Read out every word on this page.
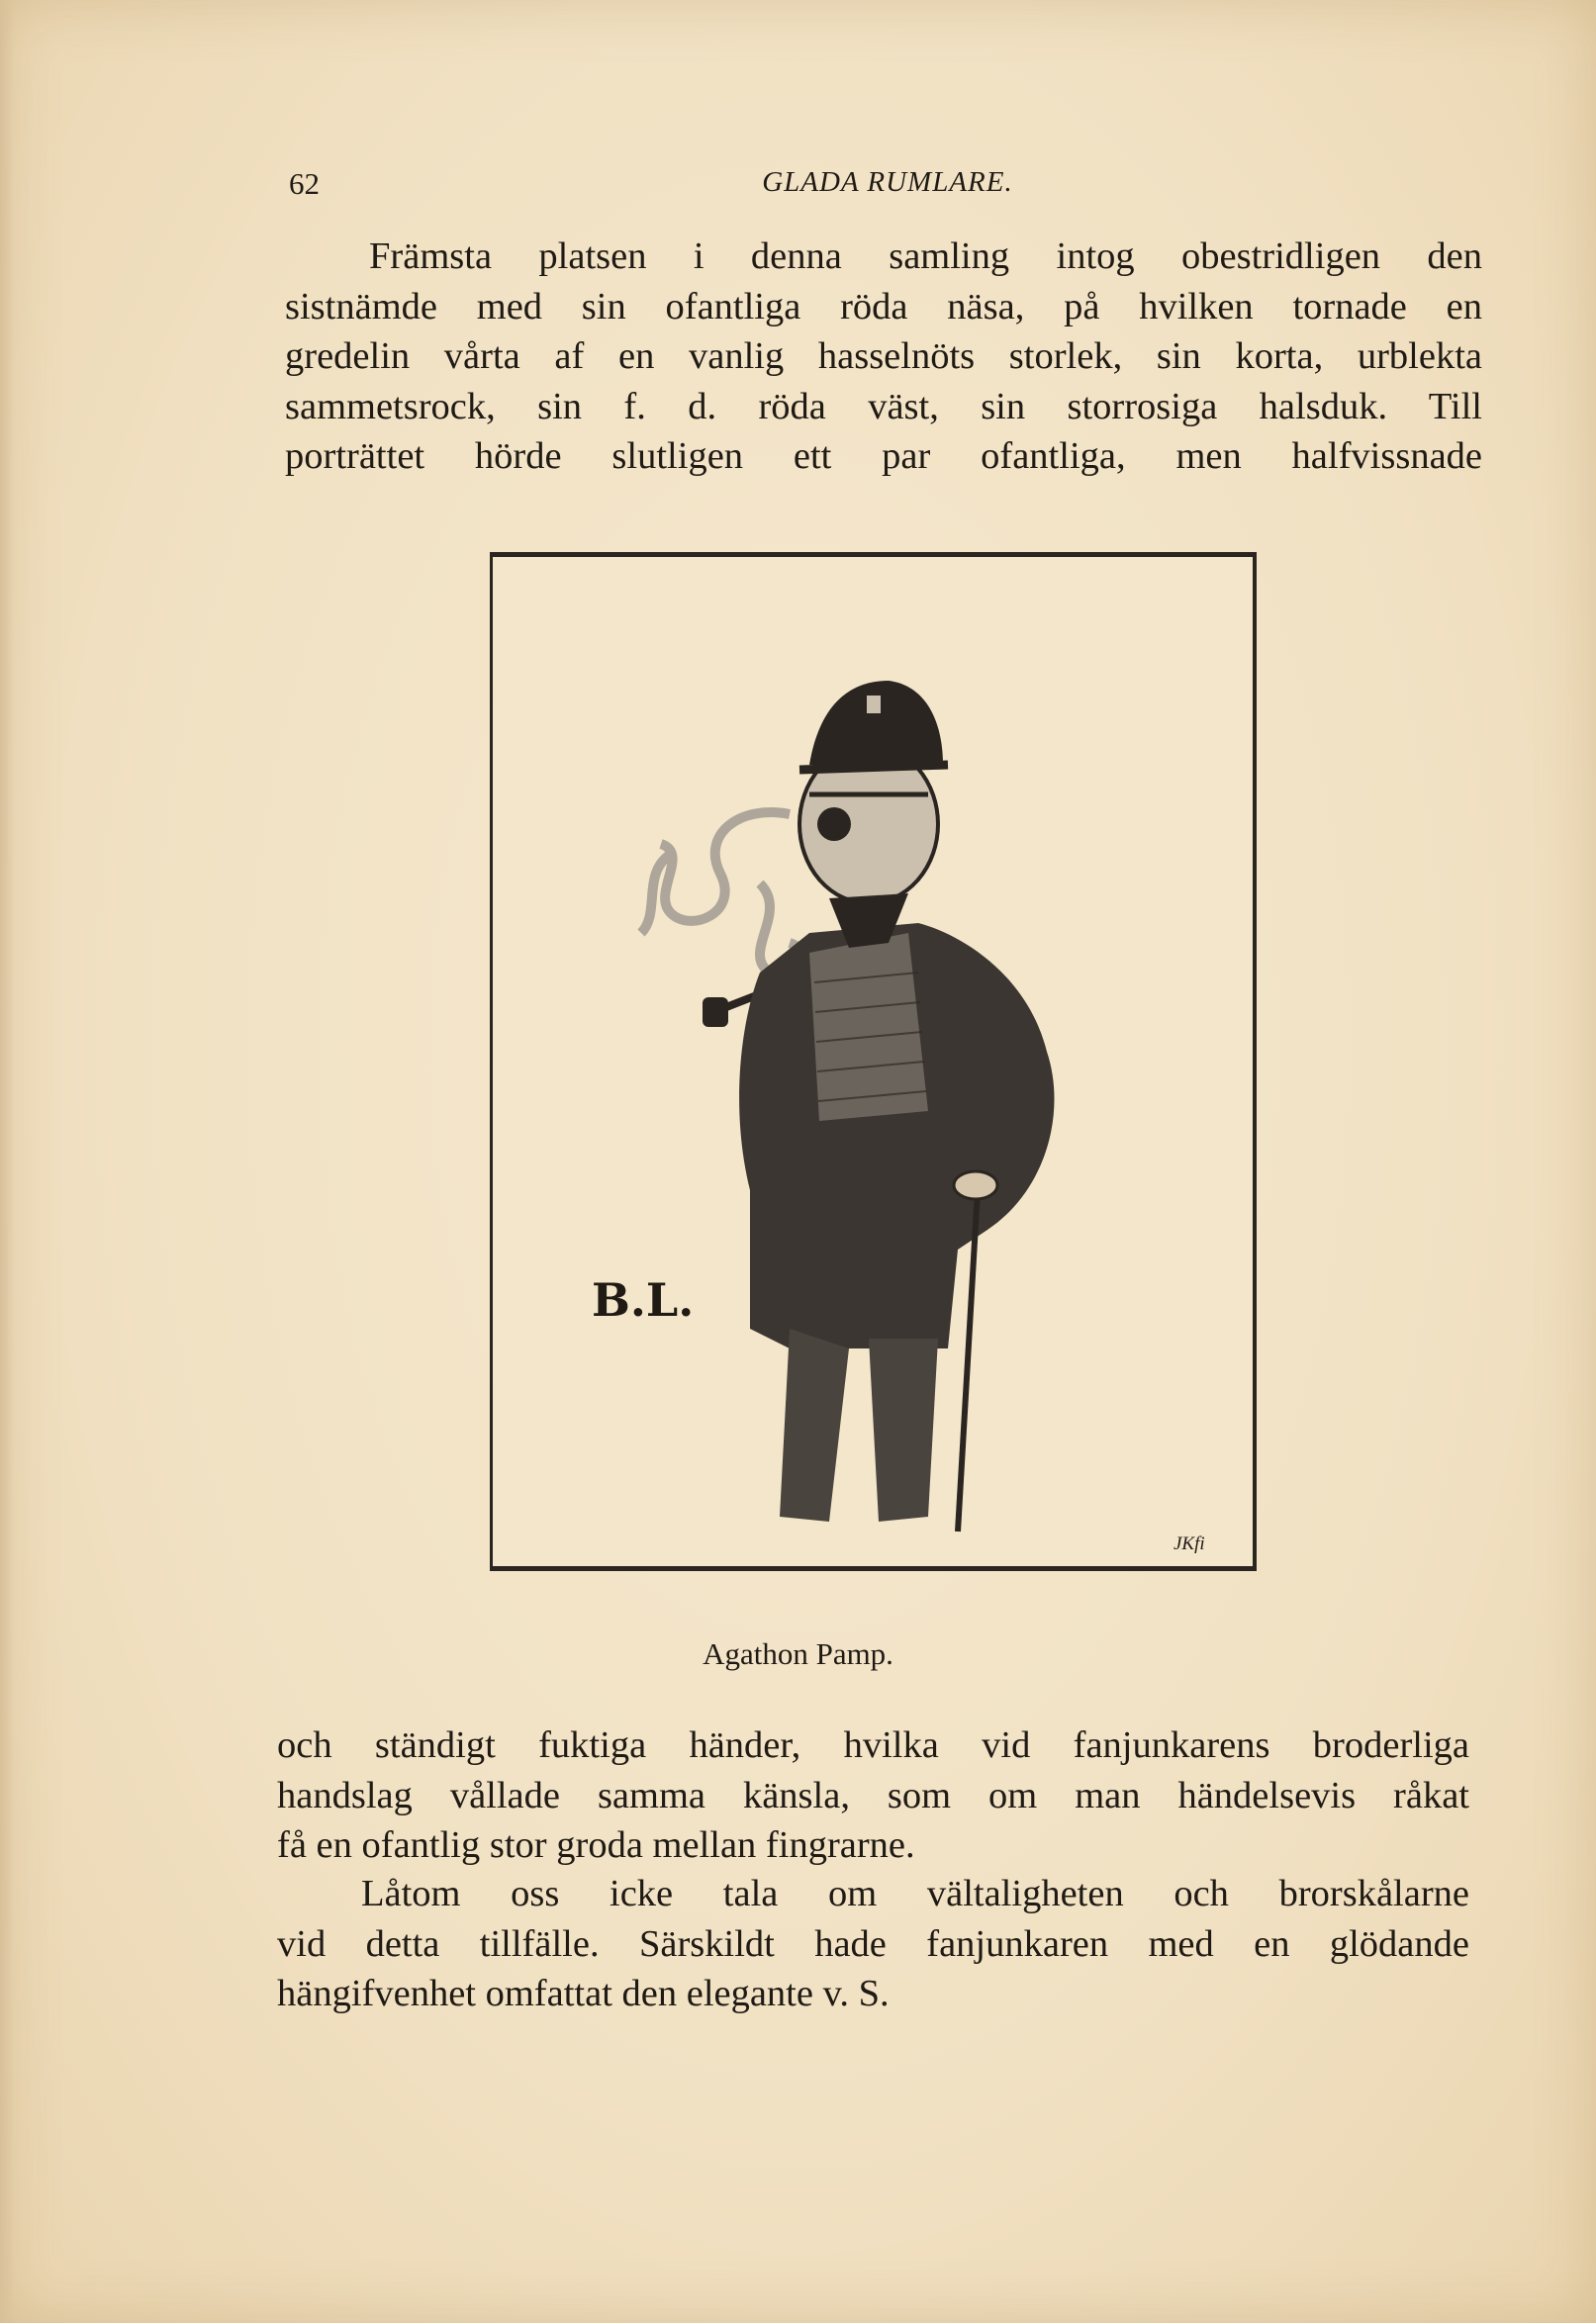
62	GLADA RUMLARE.

Främsta platsen i denna samling intog obestridligen den
sistnämde med sin ofantliga röda näsa, på hvilken tornade en
gredelin vårta af en vanlig hasselnöts storlek, sin korta, urblekta
sammetsrock, sin f. d. röda väst, sin storrosiga halsduk. Till
porträttet hörde slutligen ett par ofantliga, men halfvissnade

B.L.
JKfi
Agathon Pamp.

och ständigt fuktiga händer, hvilka vid fanjunkarens broderliga
handslag vållade samma känsla, som om man händelsevis råkat
få en ofantlig stor groda mellan fingrarne.

Låtom oss icke tala om vältaligheten och brorskålarne
vid detta tillfälle. Särskildt hade fanjunkaren med en glödande
hängifvenhet omfattat den elegante v. S.
